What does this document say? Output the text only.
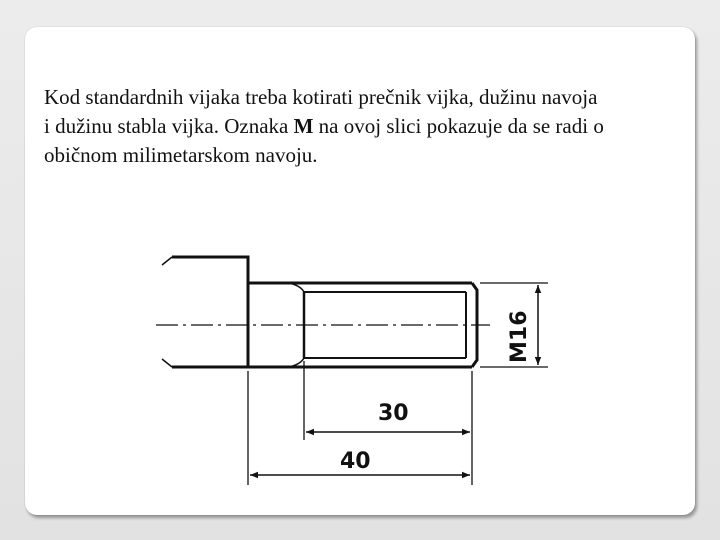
Kod standardnih vijaka treba kotirati prečnik vijka, dužinu navoja
i dužinu stabla vijka. Oznaka M na ovoj slici pokazuje da se radi o
običnom milimetarskom navoju.

M16
30
40
